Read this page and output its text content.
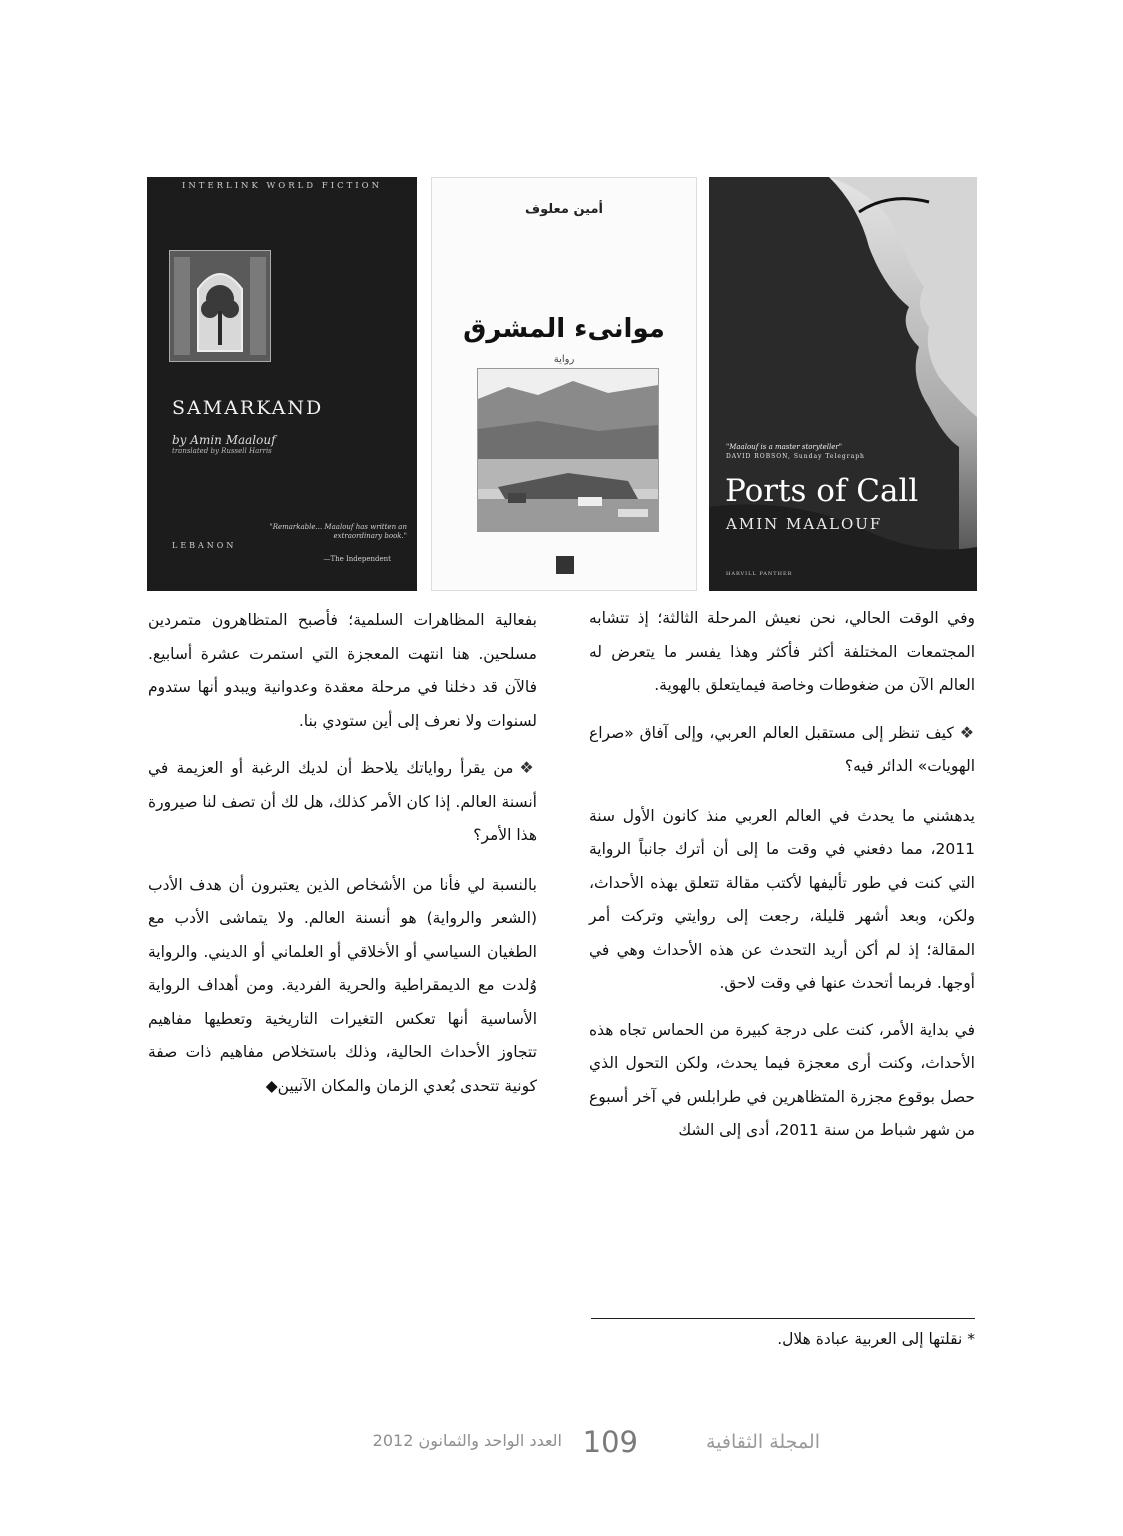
INTERLINK WORLD FICTION
SAMARKAND
by Amin Maalouf
translated by Russell Harris
LEBANON
"Remarkable... Maalouf has written an extraordinary book."
—The Independent
أمين معلوف
موانىء المشرق
رواية
"Maalouf is a master storyteller"
DAVID ROBSON, Sunday Telegraph
Ports of Call
AMIN MAALOUF
HARVILL PANTHER

وفي الوقت الحالي، نحن نعيش المرحلة الثالثة؛ إذ تتشابه المجتمعات المختلفة أكثر فأكثر وهذا يفسر ما يتعرض له العالم الآن من ضغوطات وخاصة فيمايتعلق بالهوية.

❖كيف تنظر إلى مستقبل العالم العربي، وإلى آفاق «صراع الهويات» الدائر فيه؟

يدهشني ما يحدث في العالم العربي منذ كانون الأول سنة 2011، مما دفعني في وقت ما إلى أن أترك جانباً الرواية التي كنت في طور تأليفها لأكتب مقالة تتعلق بهذه الأحداث، ولكن، وبعد أشهر قليلة، رجعت إلى روايتي وتركت أمر المقالة؛ إذ لم أكن أريد التحدث عن هذه الأحداث وهي في أوجها. فربما أتحدث عنها في وقت لاحق.

في بداية الأمر، كنت على درجة كبيرة من الحماس تجاه هذه الأحداث، وكنت أرى معجزة فيما يحدث، ولكن التحول الذي حصل بوقوع مجزرة المتظاهرين في طرابلس في آخر أسبوع من شهر شباط من سنة 2011، أدى إلى الشك

بفعالية المظاهرات السلمية؛ فأصبح المتظاهرون متمردين مسلحين. هنا انتهت المعجزة التي استمرت عشرة أسابيع. فالآن قد دخلنا في مرحلة معقدة وعدوانية ويبدو أنها ستدوم لسنوات ولا نعرف إلى أين ستودي بنا.

❖من يقرأ رواياتك يلاحظ أن لديك الرغبة أو العزيمة في أنسنة العالم. إذا كان الأمر كذلك، هل لك أن تصف لنا صيرورة هذا الأمر؟

بالنسبة لي فأنا من الأشخاص الذين يعتبرون أن هدف الأدب (الشعر والرواية) هو أنسنة العالم. ولا يتماشى الأدب مع الطغيان السياسي أو الأخلاقي أو العلماني أو الديني. والرواية وُلدت مع الديمقراطية والحرية الفردية. ومن أهداف الرواية الأساسية أنها تعكس التغيرات التاريخية وتعطيها مفاهيم تتجاوز الأحداث الحالية، وذلك باستخلاص مفاهيم ذات صفة كونية تتحدى بُعدي الزمان والمكان الآنيين◆

* نقلتها إلى العربية عبادة هلال.
المجلة الثقافية
109
العدد الواحد والثمانون 2012
